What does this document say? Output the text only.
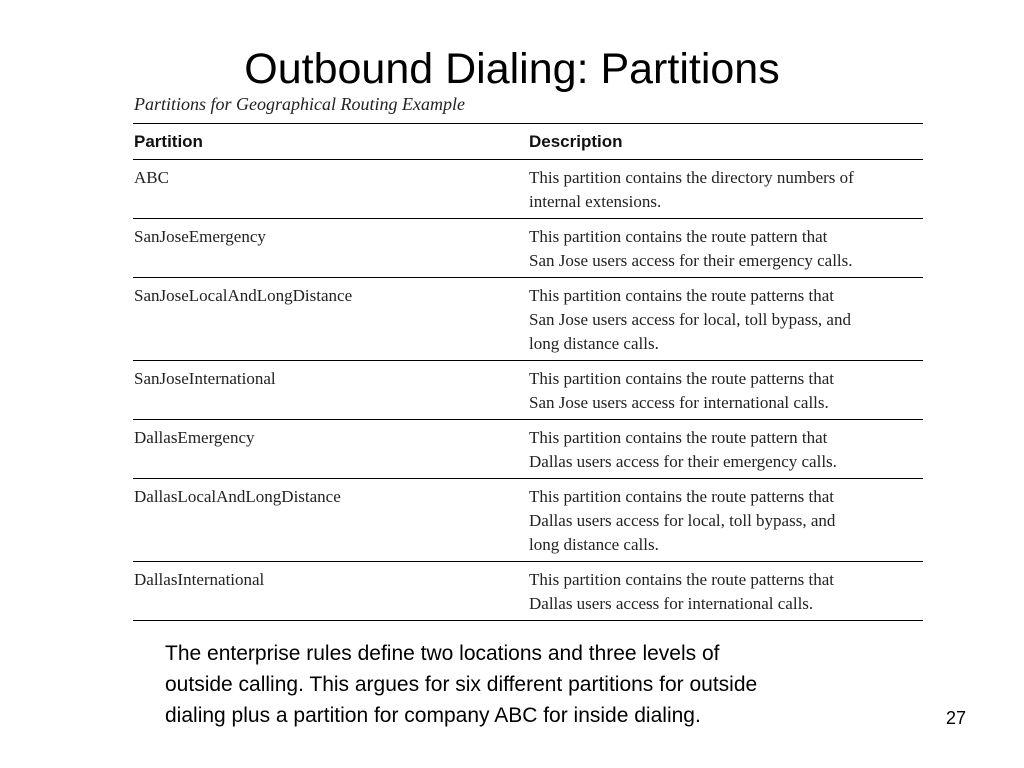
Outbound Dialing: Partitions
Partitions for Geographical Routing Example
Partition	Description
ABC	This partition contains the directory numbers of
internal extensions.
SanJoseEmergency	This partition contains the route pattern that
San Jose users access for their emergency calls.
SanJoseLocalAndLongDistance	This partition contains the route patterns that
San Jose users access for local, toll bypass, and
long distance calls.
SanJoseInternational	This partition contains the route patterns that
San Jose users access for international calls.
DallasEmergency	This partition contains the route pattern that
Dallas users access for their emergency calls.
DallasLocalAndLongDistance	This partition contains the route patterns that
Dallas users access for local, toll bypass, and
long distance calls.
DallasInternational	This partition contains the route patterns that
Dallas users access for international calls.

The enterprise rules define two locations and three levels of
outside calling. This argues for six different partitions for outside
dialing plus a partition for company ABC for inside dialing.	27
